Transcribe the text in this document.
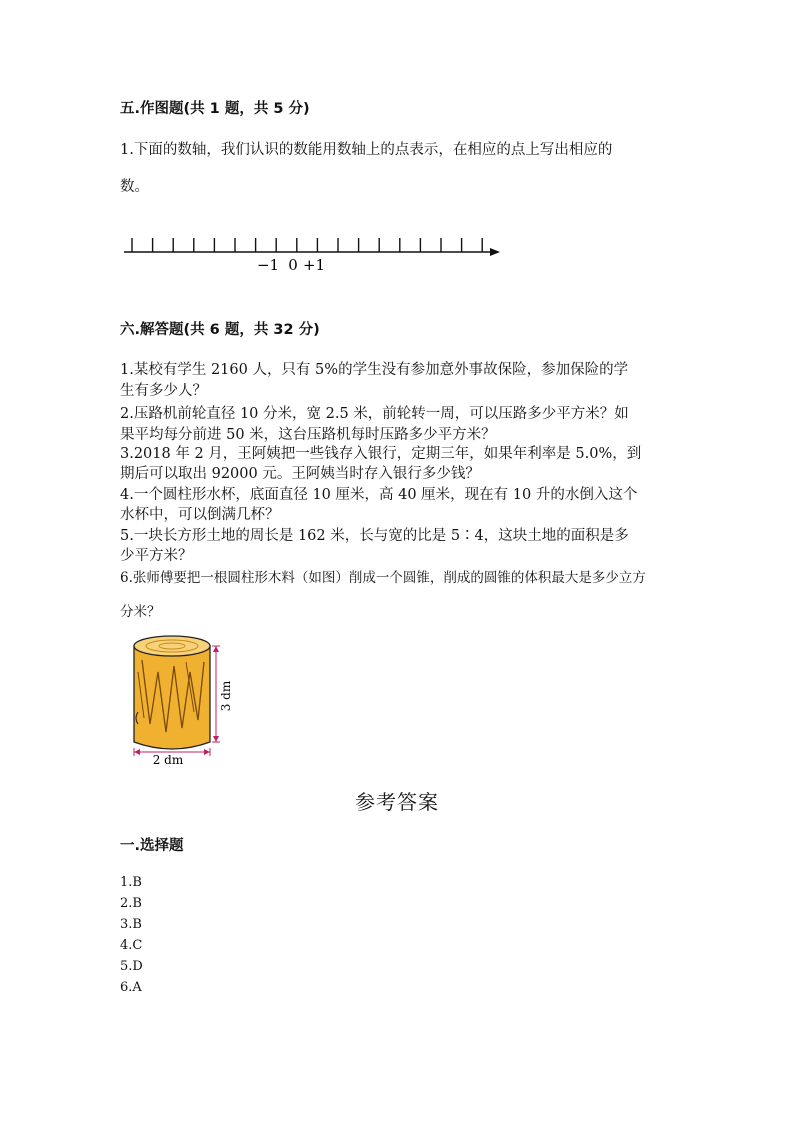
五.作图题(共 1 题，共 5 分)
1.下面的数轴，我们认识的数能用数轴上的点表示，在相应的点上写出相应的
数。
−1 0 +1
六.解答题(共 6 题，共 32 分)
1.某校有学生 2160 人，只有 5%的学生没有参加意外事故保险，参加保险的学
生有多少人？
2.压路机前轮直径 10 分米，宽 2.5 米，前轮转一周，可以压路多少平方米？如
果平均每分前进 50 米，这台压路机每时压路多少平方米？
3.2018 年 2 月，王阿姨把一些钱存入银行，定期三年，如果年利率是 5.0%，到
期后可以取出 92000 元。王阿姨当时存入银行多少钱？
4.一个圆柱形水杯，底面直径 10 厘米，高 40 厘米，现在有 10 升的水倒入这个
水杯中，可以倒满几杯？
5.一块长方形土地的周长是 162 米，长与宽的比是 5∶4，这块土地的面积是多
少平方米？
6.张师傅要把一根圆柱形木料（如图）削成一个圆锥，削成的圆锥的体积最大是多少立方
分米？
3 dm
2 dm
参考答案
一.选择题
1.B
2.B
3.B
4.C
5.D
6.A
